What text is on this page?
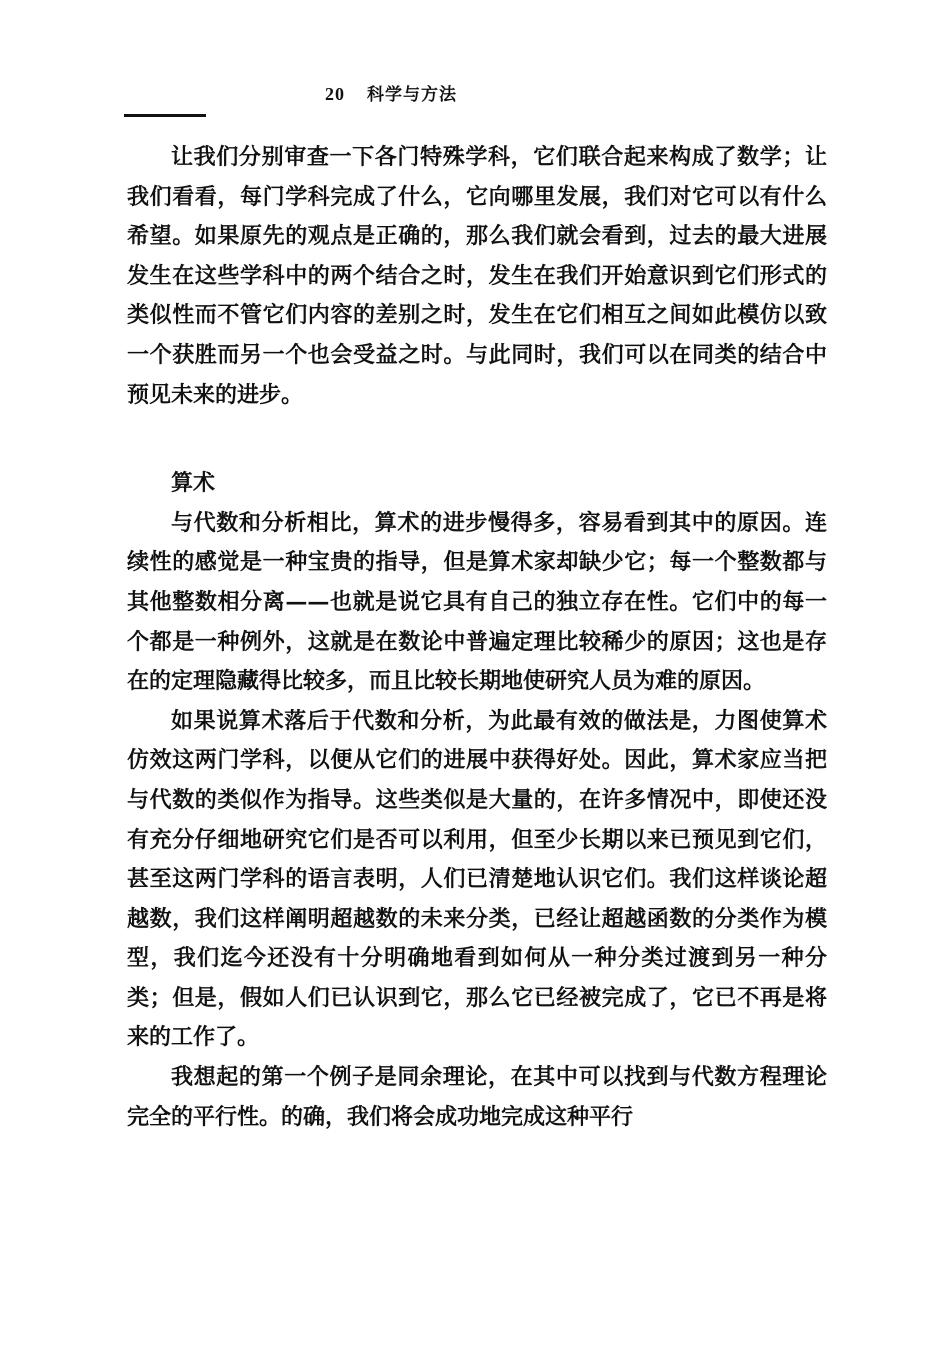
20 科学与方法

让我们分别审查一下各门特殊学科，它们联合起来构成了数学；让我们看看，每门学科完成了什么，它向哪里发展，我们对它可以有什么希望。如果原先的观点是正确的，那么我们就会看到，过去的最大进展发生在这些学科中的两个结合之时，发生在我们开始意识到它们形式的类似性而不管它们内容的差别之时，发生在它们相互之间如此模仿以致一个获胜而另一个也会受益之时。与此同时，我们可以在同类的结合中预见未来的进步。

算术

与代数和分析相比，算术的进步慢得多，容易看到其中的原因。连续性的感觉是一种宝贵的指导，但是算术家却缺少它；每一个整数都与其他整数相分离——也就是说它具有自己的独立存在性。它们中的每一个都是一种例外，这就是在数论中普遍定理比较稀少的原因；这也是存在的定理隐藏得比较多，而且比较长期地使研究人员为难的原因。

如果说算术落后于代数和分析，为此最有效的做法是，力图使算术仿效这两门学科，以便从它们的进展中获得好处。因此，算术家应当把与代数的类似作为指导。这些类似是大量的，在许多情况中，即使还没有充分仔细地研究它们是否可以利用，但至少长期以来已预见到它们，甚至这两门学科的语言表明，人们已清楚地认识它们。我们这样谈论超越数，我们这样阐明超越数的未来分类，已经让超越函数的分类作为模型，我们迄今还没有十分明确地看到如何从一种分类过渡到另一种分类；但是，假如人们已认识到它，那么它已经被完成了，它已不再是将来的工作了。

我想起的第一个例子是同余理论，在其中可以找到与代数方程理论完全的平行性。的确，我们将会成功地完成这种平行
